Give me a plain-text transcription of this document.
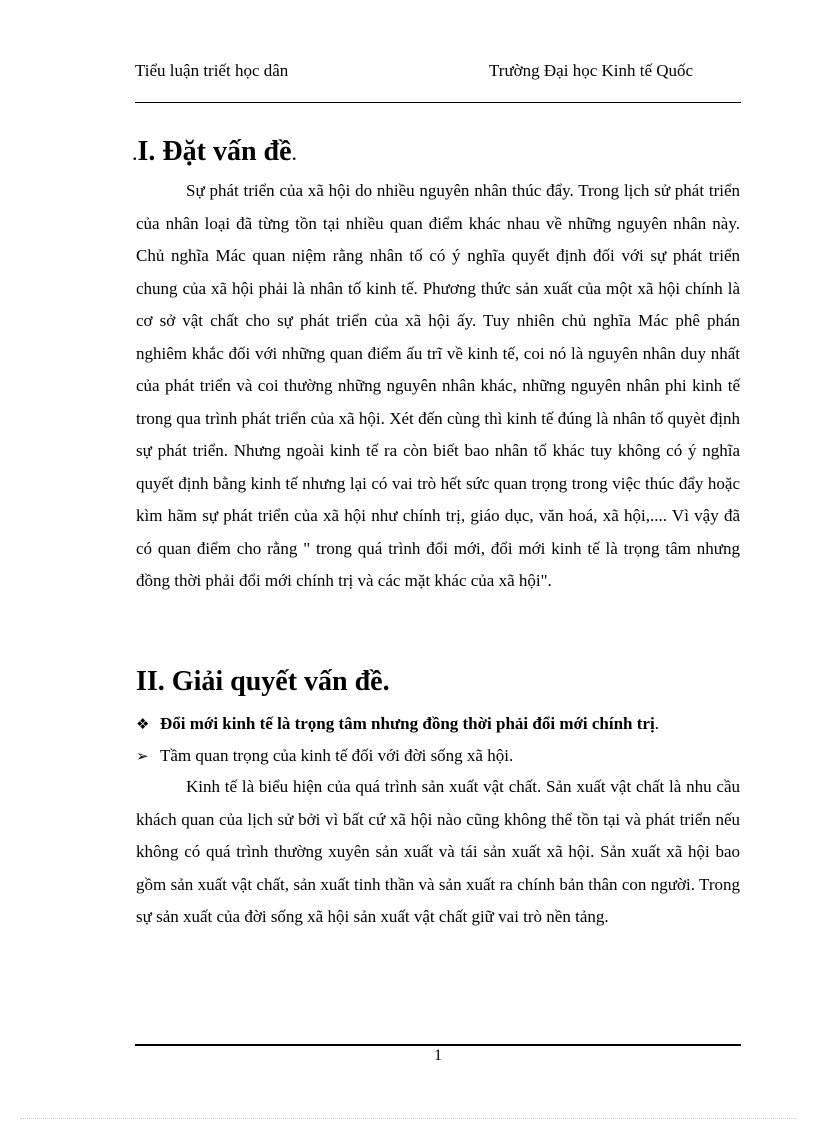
Tiểu luận triết học dân	Trường Đại học Kinh tế Quốc
.I. Đặt vấn đề.

Sự phát triển của xã hội do nhiều nguyên nhân thúc đẩy. Trong lịch sử phát triển của nhân loại đã từng tồn tại nhiều quan điểm khác nhau về những nguyên nhân này. Chủ nghĩa Mác quan niệm rằng nhân tố có ý nghĩa quyết định đối với sự phát triển chung của xã hội phải là nhân tố kinh tế. Phương thức sản xuất của một xã hội chính là cơ sở vật chất cho sự phát triển của xã hội ấy. Tuy nhiên chủ nghĩa Mác phê phán nghiêm khắc đối với những quan điểm ấu trĩ về kinh tế, coi nó là nguyên nhân duy nhất của phát triển và coi thường những nguyên nhân khác, những nguyên nhân phi kinh tế trong qua trình phát triển của xã hội. Xét đến cùng thì kinh tế đúng là nhân tố quyèt định sự phát triển. Nhưng ngoài kinh tế ra còn biết bao nhân tố khác tuy không có ý nghĩa quyết định bằng kinh tế nhưng lại có vai trò hết sức quan trọng trong việc thúc đẩy hoặc kìm hãm sự phát triển của xã hội như chính trị, giáo dục, văn hoá, xã hội,.... Vì vậy đã có quan điểm cho rằng " trong quá trình đổi mới, đổi mới kinh tế là trọng tâm nhưng đồng thời phải đổi mới chính trị và các mặt khác của xã hội".

II. Giải quyết vấn đề.
❖ Đổi mới kinh tế là trọng tâm nhưng đồng thời phải đổi mới chính trị.
➢ Tầm quan trọng của kinh tế đối với đời sống xã hội.

Kinh tế là biểu hiện của quá trình sản xuất vật chất. Sản xuất vật chất là nhu cầu khách quan của lịch sử bởi vì bất cứ xã hội nào cũng không thể tồn tại và phát triển nếu không có quá trình thường xuyên sản xuất và tái sản xuất xã hội. Sản xuất xã hội bao gồm sản xuất vật chất, sản xuất tinh thần và sản xuất ra chính bản thân con người. Trong sự sản xuất của đời sống xã hội sản xuất vật chất giữ vai trò nền tảng.

1
